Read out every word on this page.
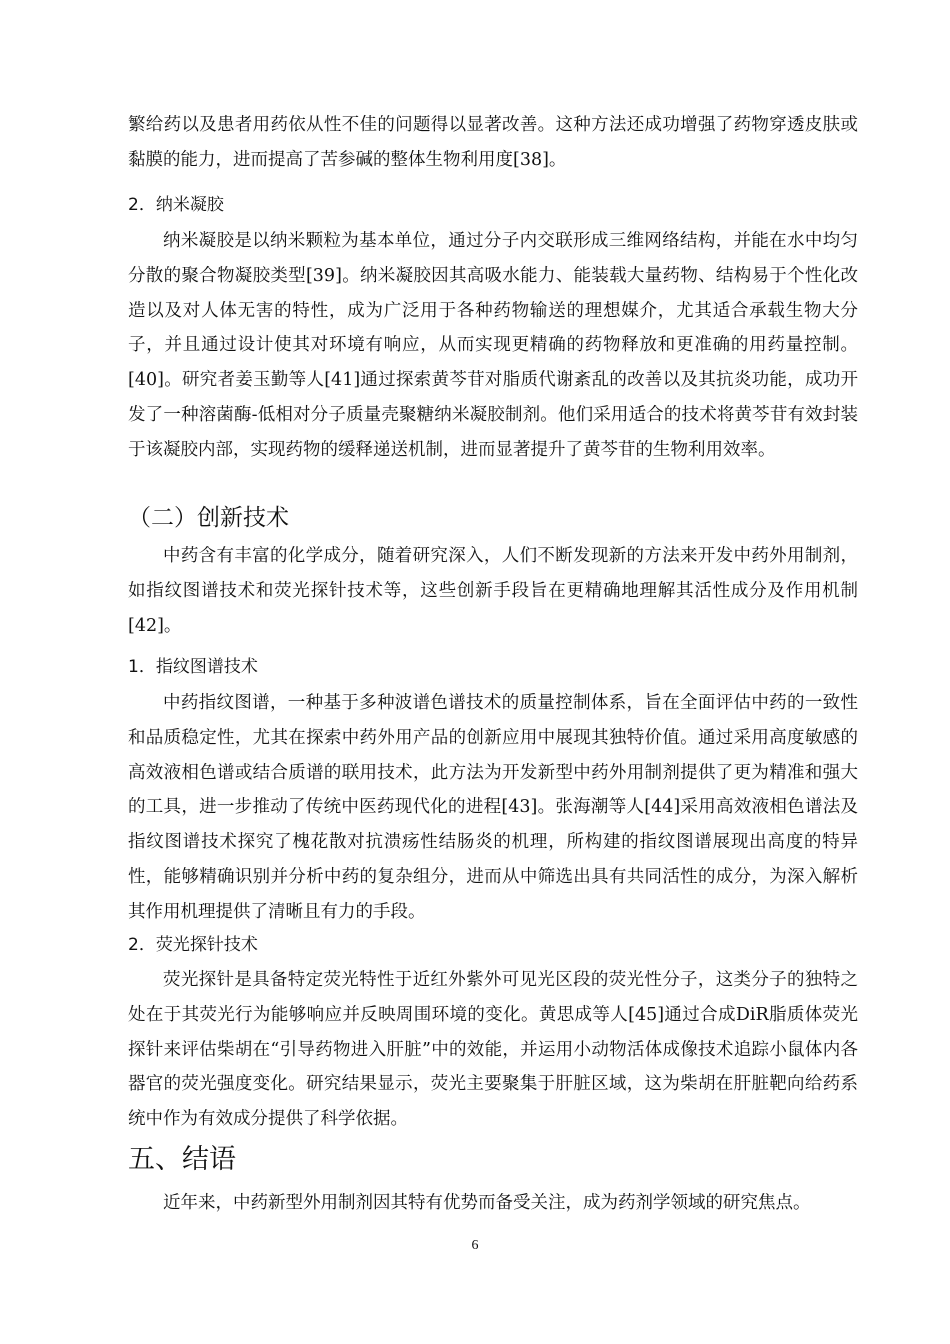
繁给药以及患者用药依从性不佳的问题得以显著改善。这种方法还成功增强了药物穿透皮肤或黏膜的能力，进而提高了苦参碱的整体生物利用度[38]。

2．纳米凝胶

纳米凝胶是以纳米颗粒为基本单位，通过分子内交联形成三维网络结构，并能在水中均匀分散的聚合物凝胶类型[39]。纳米凝胶因其高吸水能力、能装载大量药物、结构易于个性化改造以及对人体无害的特性，成为广泛用于各种药物输送的理想媒介，尤其适合承载生物大分子，并且通过设计使其对环境有响应，从而实现更精确的药物释放和更准确的用药量控制。[40]。研究者姜玉勤等人[41]通过探索黄芩苷对脂质代谢紊乱的改善以及其抗炎功能，成功开发了一种溶菌酶-低相对分子质量壳聚糖纳米凝胶制剂。他们采用适合的技术将黄芩苷有效封装于该凝胶内部，实现药物的缓释递送机制，进而显著提升了黄芩苷的生物利用效率。

（二）创新技术

中药含有丰富的化学成分，随着研究深入，人们不断发现新的方法来开发中药外用制剂，如指纹图谱技术和荧光探针技术等，这些创新手段旨在更精确地理解其活性成分及作用机制[42]。

1．指纹图谱技术

中药指纹图谱，一种基于多种波谱色谱技术的质量控制体系，旨在全面评估中药的一致性和品质稳定性，尤其在探索中药外用产品的创新应用中展现其独特价值。通过采用高度敏感的高效液相色谱或结合质谱的联用技术，此方法为开发新型中药外用制剂提供了更为精准和强大的工具，进一步推动了传统中医药现代化的进程[43]。张海潮等人[44]采用高效液相色谱法及指纹图谱技术探究了槐花散对抗溃疡性结肠炎的机理，所构建的指纹图谱展现出高度的特异性，能够精确识别并分析中药的复杂组分，进而从中筛选出具有共同活性的成分，为深入解析其作用机理提供了清晰且有力的手段。

2．荧光探针技术

荧光探针是具备特定荧光特性于近红外紫外可见光区段的荧光性分子，这类分子的独特之处在于其荧光行为能够响应并反映周围环境的变化。黄思成等人[45]通过合成DiR脂质体荧光探针来评估柴胡在“引导药物进入肝脏”中的效能，并运用小动物活体成像技术追踪小鼠体内各器官的荧光强度变化。研究结果显示，荧光主要聚集于肝脏区域，这为柴胡在肝脏靶向给药系统中作为有效成分提供了科学依据。

五、结语

近年来，中药新型外用制剂因其特有优势而备受关注，成为药剂学领域的研究焦点。

6
